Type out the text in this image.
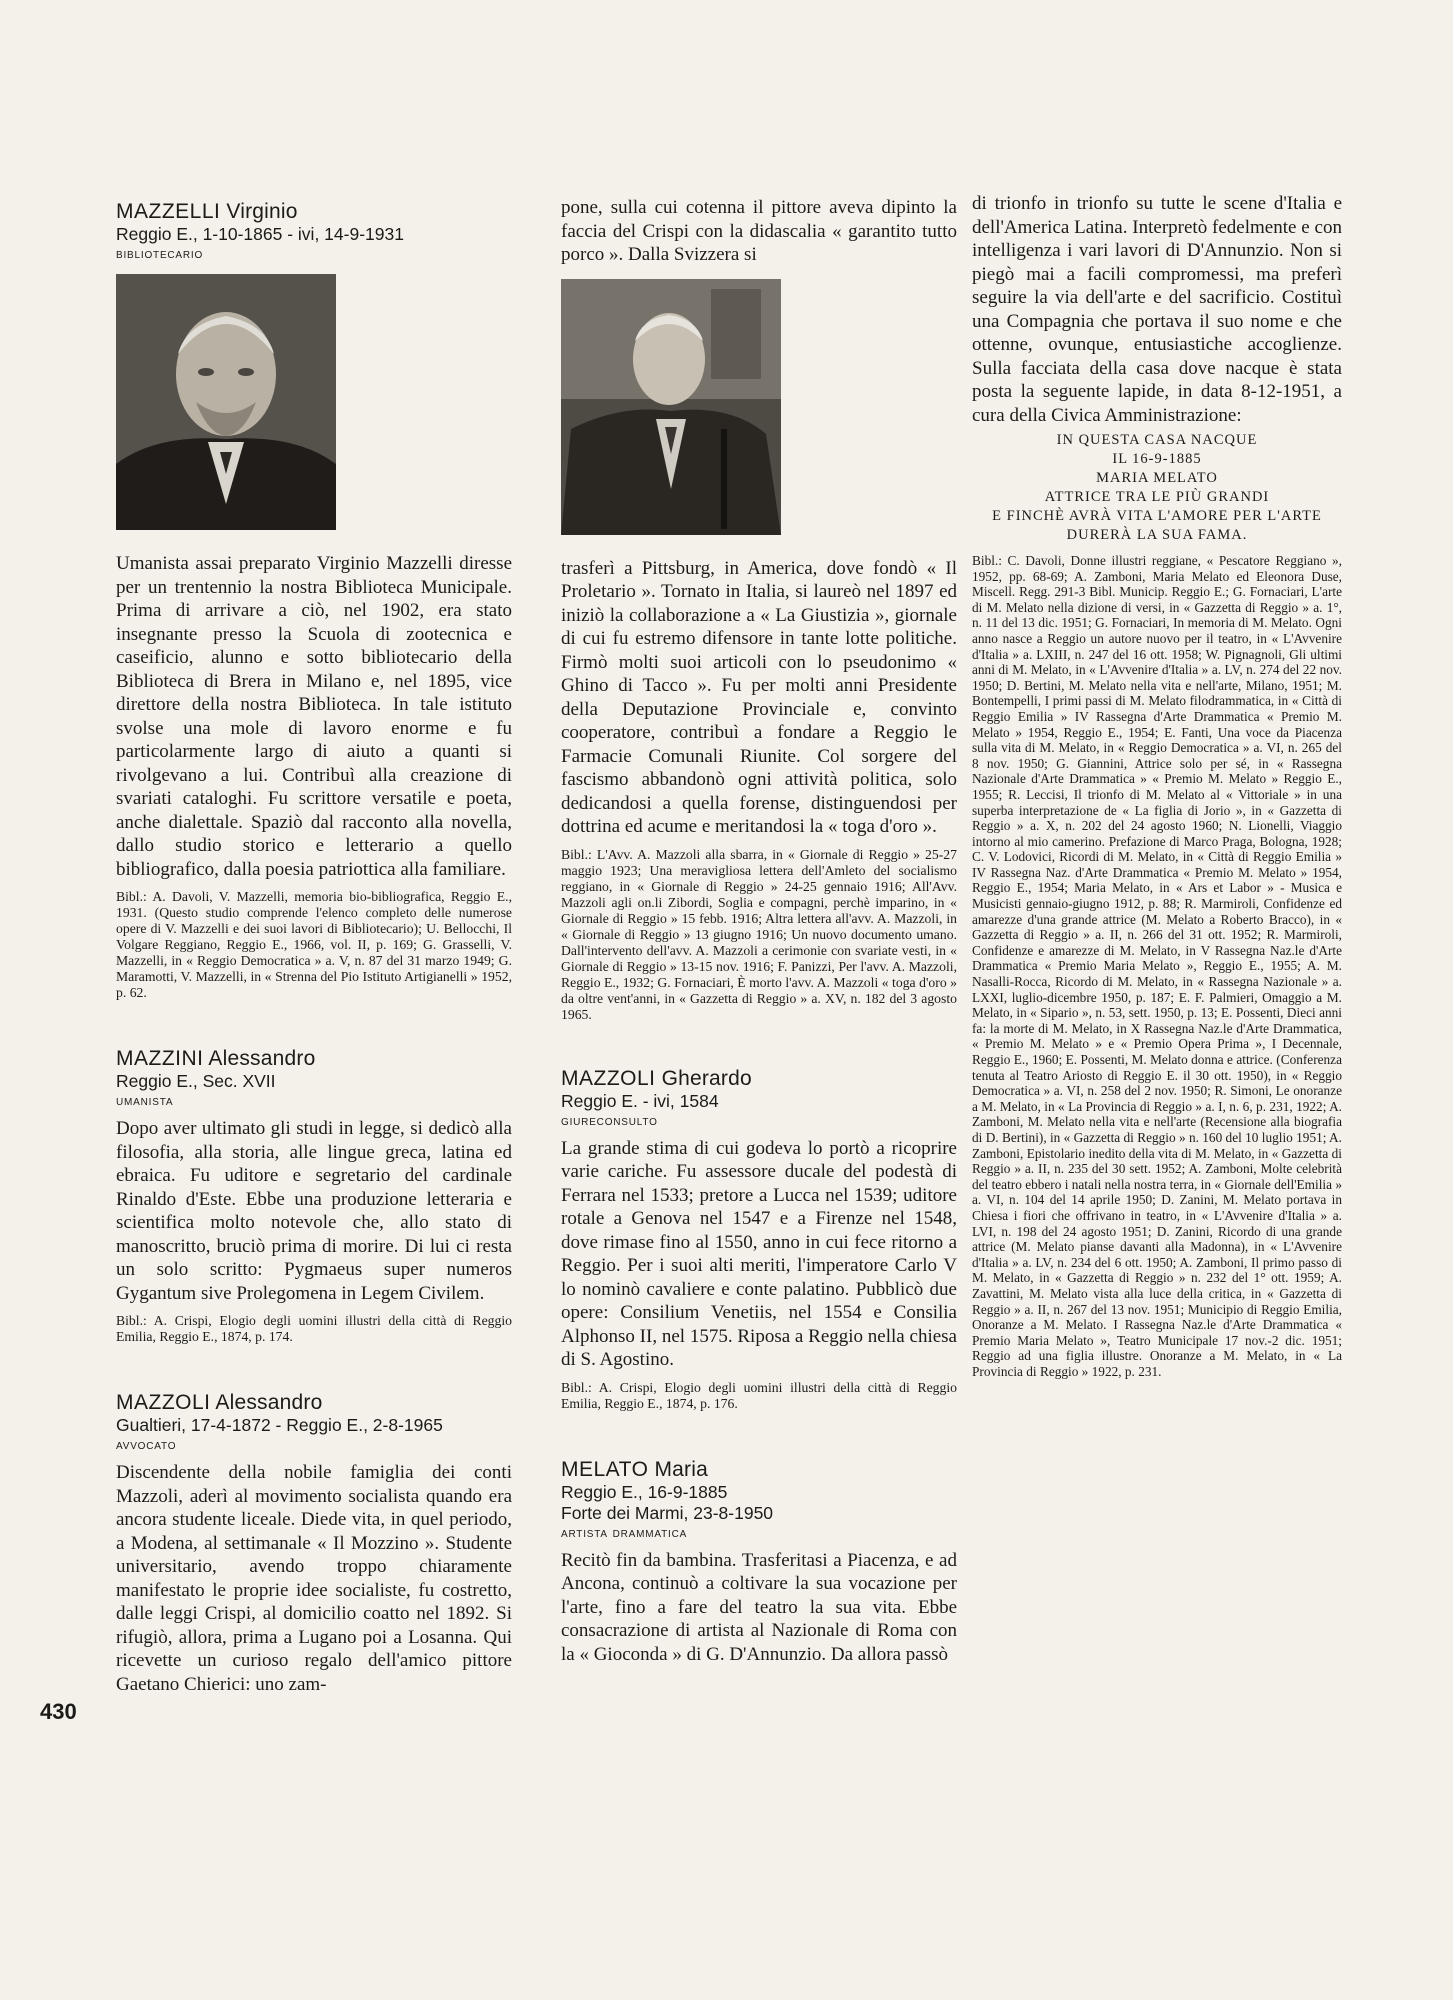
430
MAZZELLI Virginio
Reggio E., 1-10-1865 - ivi, 14-9-1931
bibliotecario

Umanista assai preparato Virginio Mazzelli diresse per un trentennio la nostra Biblioteca Municipale. Prima di arrivare a ciò, nel 1902, era stato insegnante presso la Scuola di zootecnica e caseificio, alunno e sotto bibliotecario della Biblioteca di Brera in Milano e, nel 1895, vice direttore della nostra Biblioteca. In tale istituto svolse una mole di lavoro enorme e fu particolarmente largo di aiuto a quanti si rivolgevano a lui. Contribuì alla creazione di svariati cataloghi. Fu scrittore versatile e poeta, anche dialettale. Spaziò dal racconto alla novella, dallo studio storico e letterario a quello bibliografico, dalla poesia patriottica alla familiare.

Bibl.: A. Davoli, V. Mazzelli, memoria bio-bibliografica, Reggio E., 1931. (Questo studio comprende l'elenco completo delle numerose opere di V. Mazzelli e dei suoi lavori di Bibliotecario); U. Bellocchi, Il Volgare Reggiano, Reggio E., 1966, vol. II, p. 169; G. Grasselli, V. Mazzelli, in « Reggio Democratica » a. V, n. 87 del 31 marzo 1949; G. Maramotti, V. Mazzelli, in « Strenna del Pio Istituto Artigianelli » 1952, p. 62.

MAZZINI Alessandro
Reggio E., Sec. XVII
umanista

Dopo aver ultimato gli studi in legge, si dedicò alla filosofia, alla storia, alle lingue greca, latina ed ebraica. Fu uditore e segretario del cardinale Rinaldo d'Este. Ebbe una produzione letteraria e scientifica molto notevole che, allo stato di manoscritto, bruciò prima di morire. Di lui ci resta un solo scritto: Pygmaeus super numeros Gygantum sive Prolegomena in Legem Civilem.

Bibl.: A. Crispi, Elogio degli uomini illustri della città di Reggio Emilia, Reggio E., 1874, p. 174.

MAZZOLI Alessandro
Gualtieri, 17-4-1872 - Reggio E., 2-8-1965
avvocato

Discendente della nobile famiglia dei conti Mazzoli, aderì al movimento socialista quando era ancora studente liceale. Diede vita, in quel periodo, a Modena, al settimanale « Il Mozzino ». Studente universitario, avendo troppo chiaramente manifestato le proprie idee socialiste, fu costretto, dalle leggi Crispi, al domicilio coatto nel 1892. Si rifugiò, allora, prima a Lugano poi a Losanna. Qui ricevette un curioso regalo dell'amico pittore Gaetano Chierici: uno zam-

pone, sulla cui cotenna il pittore aveva dipinto la faccia del Crispi con la didascalia « garantito tutto porco ». Dalla Svizzera si

trasferì a Pittsburg, in America, dove fondò « Il Proletario ». Tornato in Italia, si laureò nel 1897 ed iniziò la collaborazione a « La Giustizia », giornale di cui fu estremo difensore in tante lotte politiche. Firmò molti suoi articoli con lo pseudonimo « Ghino di Tacco ». Fu per molti anni Presidente della Deputazione Provinciale e, convinto cooperatore, contribuì a fondare a Reggio le Farmacie Comunali Riunite. Col sorgere del fascismo abbandonò ogni attività politica, solo dedicandosi a quella forense, distinguendosi per dottrina ed acume e meritandosi la « toga d'oro ».

Bibl.: L'Avv. A. Mazzoli alla sbarra, in « Giornale di Reggio » 25-27 maggio 1923; Una meravigliosa lettera dell'Amleto del socialismo reggiano, in « Giornale di Reggio » 24-25 gennaio 1916; All'Avv. Mazzoli agli on.li Zibordi, Soglia e compagni, perchè imparino, in « Giornale di Reggio » 15 febb. 1916; Altra lettera all'avv. A. Mazzoli, in « Giornale di Reggio » 13 giugno 1916; Un nuovo documento umano. Dall'intervento dell'avv. A. Mazzoli a cerimonie con svariate vesti, in « Giornale di Reggio » 13-15 nov. 1916; F. Panizzi, Per l'avv. A. Mazzoli, Reggio E., 1932; G. Fornaciari, È morto l'avv. A. Mazzoli « toga d'oro » da oltre vent'anni, in « Gazzetta di Reggio » a. XV, n. 182 del 3 agosto 1965.

MAZZOLI Gherardo
Reggio E. - ivi, 1584
giureconsulto

La grande stima di cui godeva lo portò a ricoprire varie cariche. Fu assessore ducale del podestà di Ferrara nel 1533; pretore a Lucca nel 1539; uditore rotale a Genova nel 1547 e a Firenze nel 1548, dove rimase fino al 1550, anno in cui fece ritorno a Reggio. Per i suoi alti meriti, l'imperatore Carlo V lo nominò cavaliere e conte palatino. Pubblicò due opere: Consilium Venetiis, nel 1554 e Consilia Alphonso II, nel 1575. Riposa a Reggio nella chiesa di S. Agostino.

Bibl.: A. Crispi, Elogio degli uomini illustri della città di Reggio Emilia, Reggio E., 1874, p. 176.

MELATO Maria
Reggio E., 16-9-1885
Forte dei Marmi, 23-8-1950
artista drammatica

Recitò fin da bambina. Trasferitasi a Piacenza, e ad Ancona, continuò a coltivare la sua vocazione per l'arte, fino a fare del teatro la sua vita. Ebbe consacrazione di artista al Nazionale di Roma con la « Gioconda » di G. D'Annunzio. Da allora passò

di trionfo in trionfo su tutte le scene d'Italia e dell'America Latina. Interpretò fedelmente e con intelligenza i vari lavori di D'Annunzio. Non si piegò mai a facili compromessi, ma preferì seguire la via dell'arte e del sacrificio. Costituì una Compagnia che portava il suo nome e che ottenne, ovunque, entusiastiche accoglienze. Sulla facciata della casa dove nacque è stata posta la seguente lapide, in data 8-12-1951, a cura della Civica Amministrazione:

IN QUESTA CASA NACQUE
IL 16-9-1885
MARIA MELATO
ATTRICE TRA LE PIÙ GRANDI
E FINCHÈ AVRÀ VITA L'AMORE PER L'ARTE
DURERÀ LA SUA FAMA.

Bibl.: C. Davoli, Donne illustri reggiane, « Pescatore Reggiano », 1952, pp. 68-69; A. Zamboni, Maria Melato ed Eleonora Duse, Miscell. Regg. 291-3 Bibl. Municip. Reggio E.; G. Fornaciari, L'arte di M. Melato nella dizione di versi, in « Gazzetta di Reggio » a. 1°, n. 11 del 13 dic. 1951; G. Fornaciari, In memoria di M. Melato. Ogni anno nasce a Reggio un autore nuovo per il teatro, in « L'Avvenire d'Italia » a. LXIII, n. 247 del 16 ott. 1958; W. Pignagnoli, Gli ultimi anni di M. Melato, in « L'Avvenire d'Italia » a. LV, n. 274 del 22 nov. 1950; D. Bertini, M. Melato nella vita e nell'arte, Milano, 1951; M. Bontempelli, I primi passi di M. Melato filodrammatica, in « Città di Reggio Emilia » IV Rassegna d'Arte Drammatica « Premio M. Melato » 1954, Reggio E., 1954; E. Fanti, Una voce da Piacenza sulla vita di M. Melato, in « Reggio Democratica » a. VI, n. 265 del 8 nov. 1950; G. Giannini, Attrice solo per sé, in « Rassegna Nazionale d'Arte Drammatica » « Premio M. Melato » Reggio E., 1955; R. Leccisi, Il trionfo di M. Melato al « Vittoriale » in una superba interpretazione de « La figlia di Jorio », in « Gazzetta di Reggio » a. X, n. 202 del 24 agosto 1960; N. Lionelli, Viaggio intorno al mio camerino. Prefazione di Marco Praga, Bologna, 1928; C. V. Lodovici, Ricordi di M. Melato, in « Città di Reggio Emilia » IV Rassegna Naz. d'Arte Drammatica « Premio M. Melato » 1954, Reggio E., 1954; Maria Melato, in « Ars et Labor » - Musica e Musicisti gennaio-giugno 1912, p. 88; R. Marmiroli, Confidenze ed amarezze d'una grande attrice (M. Melato a Roberto Bracco), in « Gazzetta di Reggio » a. II, n. 266 del 31 ott. 1952; R. Marmiroli, Confidenze e amarezze di M. Melato, in V Rassegna Naz.le d'Arte Drammatica « Premio Maria Melato », Reggio E., 1955; A. M. Nasalli-Rocca, Ricordo di M. Melato, in « Rassegna Nazionale » a. LXXI, luglio-dicembre 1950, p. 187; E. F. Palmieri, Omaggio a M. Melato, in « Sipario », n. 53, sett. 1950, p. 13; E. Possenti, Dieci anni fa: la morte di M. Melato, in X Rassegna Naz.le d'Arte Drammatica, « Premio M. Melato » e « Premio Opera Prima », I Decennale, Reggio E., 1960; E. Possenti, M. Melato donna e attrice. (Conferenza tenuta al Teatro Ariosto di Reggio E. il 30 ott. 1950), in « Reggio Democratica » a. VI, n. 258 del 2 nov. 1950; R. Simoni, Le onoranze a M. Melato, in « La Provincia di Reggio » a. I, n. 6, p. 231, 1922; A. Zamboni, M. Melato nella vita e nell'arte (Recensione alla biografia di D. Bertini), in « Gazzetta di Reggio » n. 160 del 10 luglio 1951; A. Zamboni, Epistolario inedito della vita di M. Melato, in « Gazzetta di Reggio » a. II, n. 235 del 30 sett. 1952; A. Zamboni, Molte celebrità del teatro ebbero i natali nella nostra terra, in « Giornale dell'Emilia » a. VI, n. 104 del 14 aprile 1950; D. Zanini, M. Melato portava in Chiesa i fiori che offrivano in teatro, in « L'Avvenire d'Italia » a. LVI, n. 198 del 24 agosto 1951; D. Zanini, Ricordo di una grande attrice (M. Melato pianse davanti alla Madonna), in « L'Avvenire d'Italia » a. LV, n. 234 del 6 ott. 1950; A. Zamboni, Il primo passo di M. Melato, in « Gazzetta di Reggio » n. 232 del 1° ott. 1959; A. Zavattini, M. Melato vista alla luce della critica, in « Gazzetta di Reggio » a. II, n. 267 del 13 nov. 1951; Municipio di Reggio Emilia, Onoranze a M. Melato. I Rassegna Naz.le d'Arte Drammatica « Premio Maria Melato », Teatro Municipale 17 nov.-2 dic. 1951; Reggio ad una figlia illustre. Onoranze a M. Melato, in « La Provincia di Reggio » 1922, p. 231.
